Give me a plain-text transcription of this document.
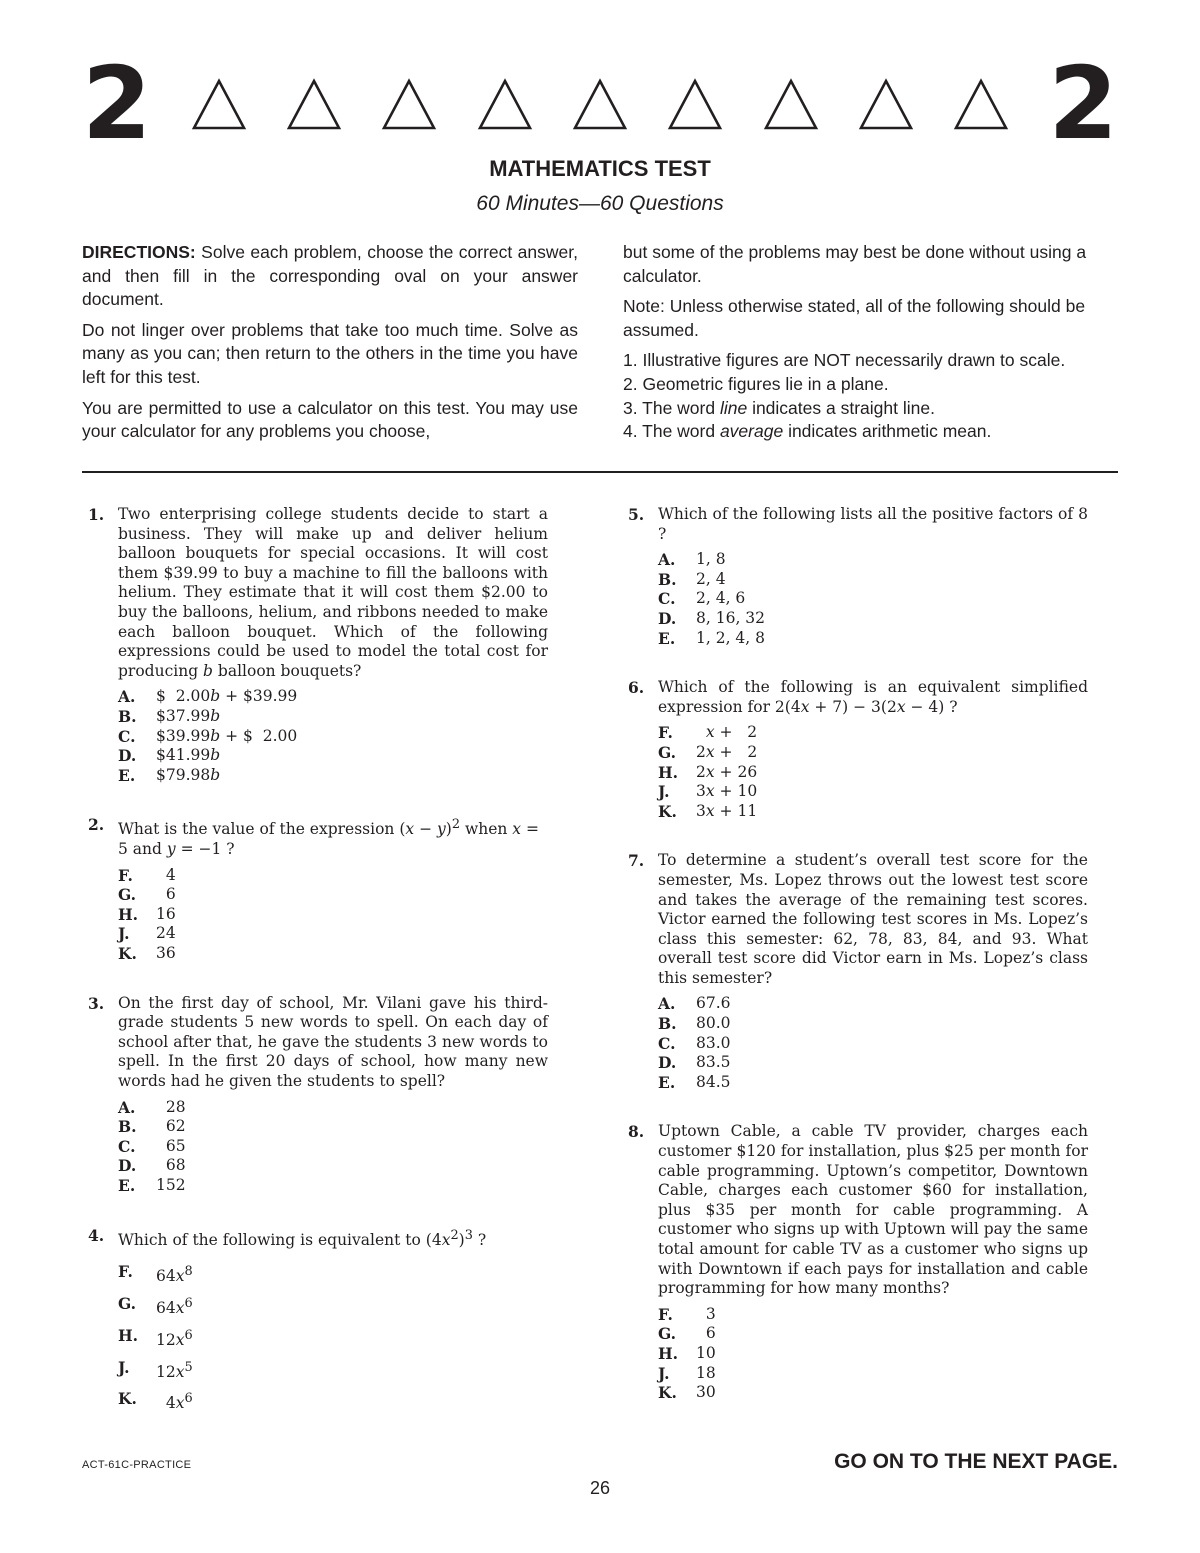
2	2
MATHEMATICS TEST
60 Minutes—60 Questions

DIRECTIONS: Solve each problem, choose the correct answer, and then fill in the corresponding oval on your answer document.

Do not linger over problems that take too much time. Solve as many as you can; then return to the others in the time you have left for this test.

You are permitted to use a calculator on this test. You may use your calculator for any problems you choose,

but some of the problems may best be done without using a calculator.

Note: Unless otherwise stated, all of the following should be assumed.

1. Illustrative figures are NOT necessarily drawn to scale.
2. Geometric figures lie in a plane.
3. The word line indicates a straight line.
4. The word average indicates arithmetic mean.
1. Two enterprising college students decide to start a business. They will make up and deliver helium balloon bouquets for special occasions. It will cost them $39.99 to buy a machine to fill the balloons with helium. They estimate that it will cost them $2.00 to buy the balloons, helium, and ribbons needed to make each balloon bouquet. Which of the following expressions could be used to model the total cost for producing b balloon bouquets?
A.	$  2.00b + $39.99
B.	$37.99b
C.	$39.99b + $  2.00
D.	$41.99b
E.	$79.98b
2. What is the value of the expression $(x - y)^2$ when x = 5 and y = −1 ?
F.	4
G.	6
H.	16
J.	24
K.	36
3. On the first day of school, Mr. Vilani gave his third-grade students 5 new words to spell. On each day of school after that, he gave the students 3 new words to spell. In the first 20 days of school, how many new words had he given the students to spell?
A.	28
B.	62
C.	65
D.	68
E.	152
4. Which of the following is equivalent to $(4x^2)^3$ ?
F.	$64x^8$
G.	$64x^6$
H.	$12x^6$
J.	$12x^5$
K.	$4x^6$
5. Which of the following lists all the positive factors of 8 ?
A.	1, 8
B.	2, 4
C.	2, 4, 6
D.	8, 16, 32
E.	1, 2, 4, 8
6. Which of the following is an equivalent simplified expression for 2(4x + 7) − 3(2x − 4) ?
F.	x +   2
G.	2x +   2
H.	2x + 26
J.	3x + 10
K.	3x + 11
7. To determine a student’s overall test score for the semester, Ms. Lopez throws out the lowest test score and takes the average of the remaining test scores. Victor earned the following test scores in Ms. Lopez’s class this semester: 62, 78, 83, 84, and 93. What overall test score did Victor earn in Ms. Lopez’s class this semester?
A.	67.6
B.	80.0
C.	83.0
D.	83.5
E.	84.5
8. Uptown Cable, a cable TV provider, charges each customer $120 for installation, plus $25 per month for cable programming. Uptown’s competitor, Downtown Cable, charges each customer $60 for installation, plus $35 per month for cable programming. A customer who signs up with Uptown will pay the same total amount for cable TV as a customer who signs up with Downtown if each pays for installation and cable programming for how many months?
F.	3
G.	6
H.	10
J.	18
K.	30
ACT-61C-PRACTICE	GO ON TO THE NEXT PAGE.
26
